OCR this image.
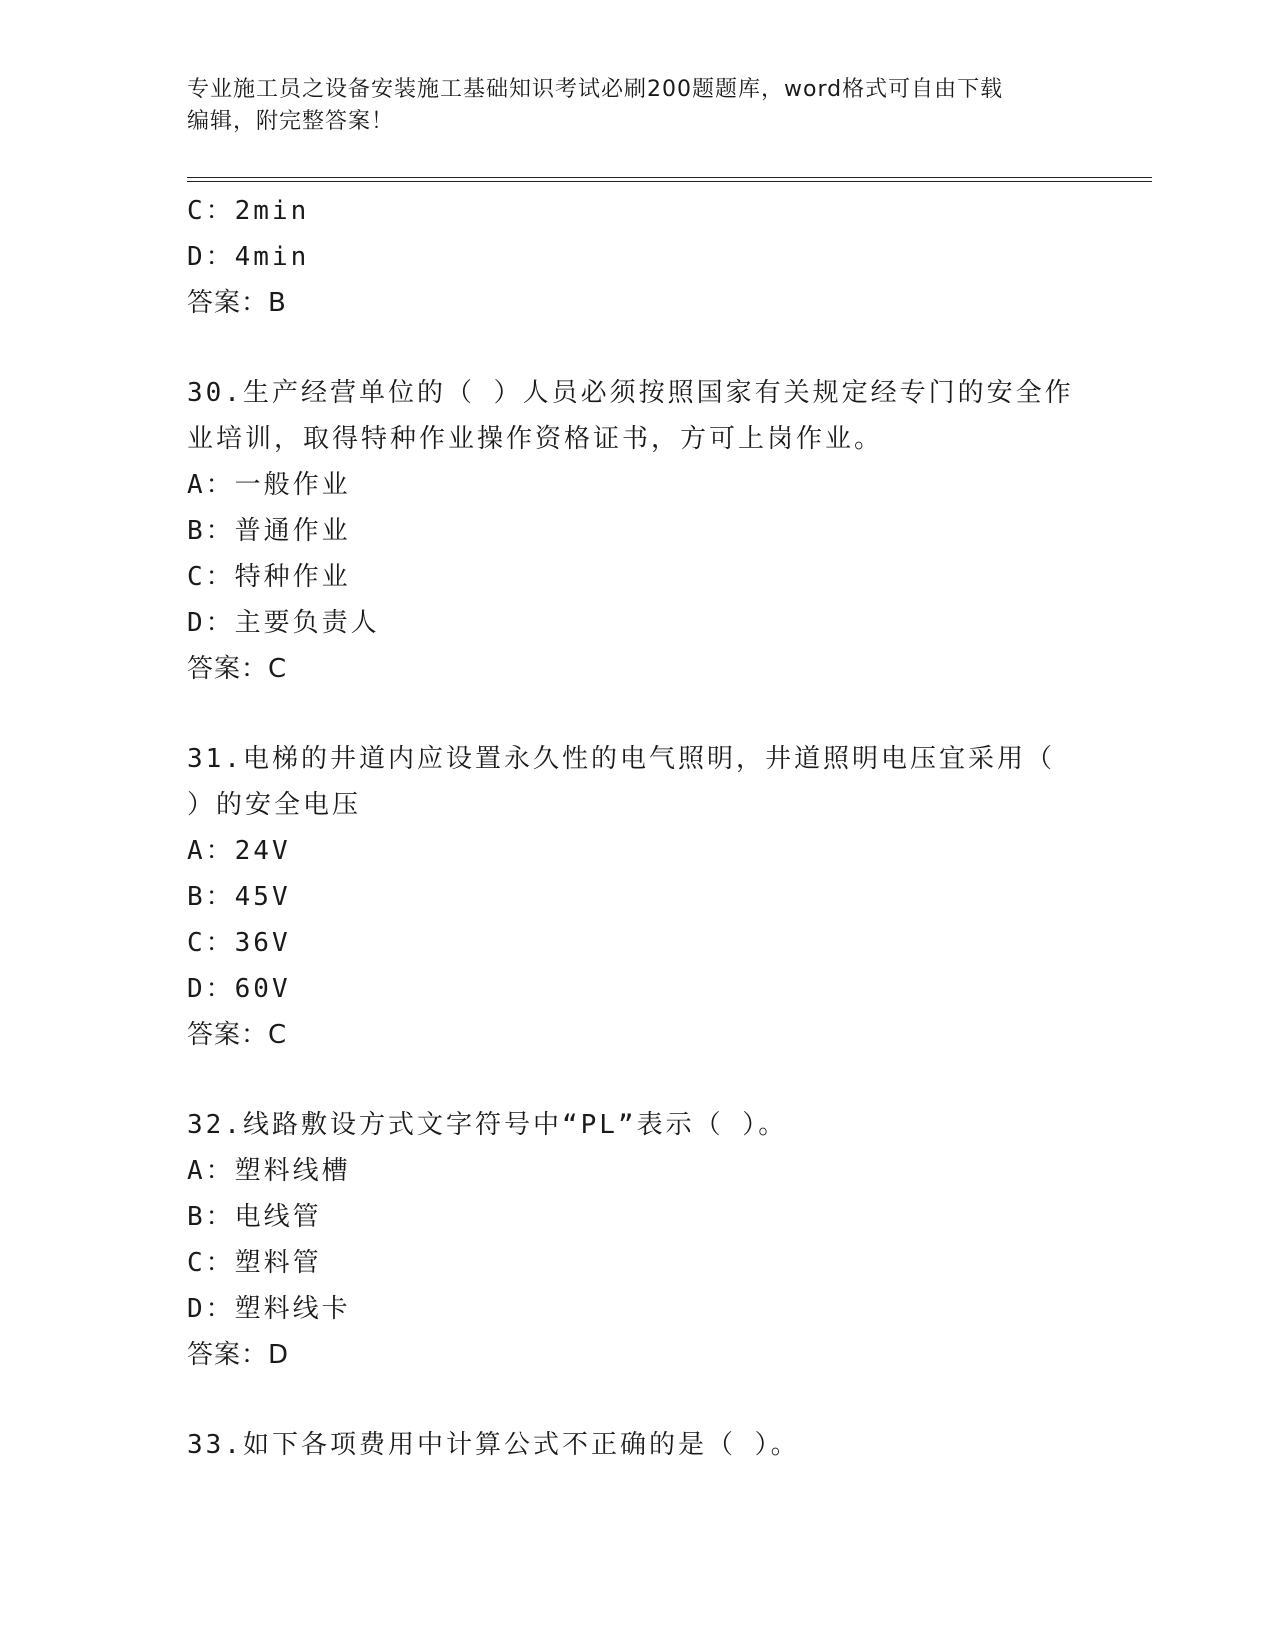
专业施工员之设备安装施工基础知识考试必刷200题题库，word格式可自由下载
编辑，附完整答案！
C：2min
D：4min
答案：B
30.生产经营单位的（ ）人员必须按照国家有关规定经专门的安全作
业培训，取得特种作业操作资格证书，方可上岗作业。
A：一般作业
B：普通作业
C：特种作业
D：主要负责人
答案：C
31.电梯的井道内应设置永久性的电气照明，井道照明电压宜采用（
）的安全电压
A：24V
B：45V
C：36V
D：60V
答案：C
32.线路敷设方式文字符号中“PL”表示（ ）。
A：塑料线槽
B：电线管
C：塑料管
D：塑料线卡
答案：D
33.如下各项费用中计算公式不正确的是（ ）。
